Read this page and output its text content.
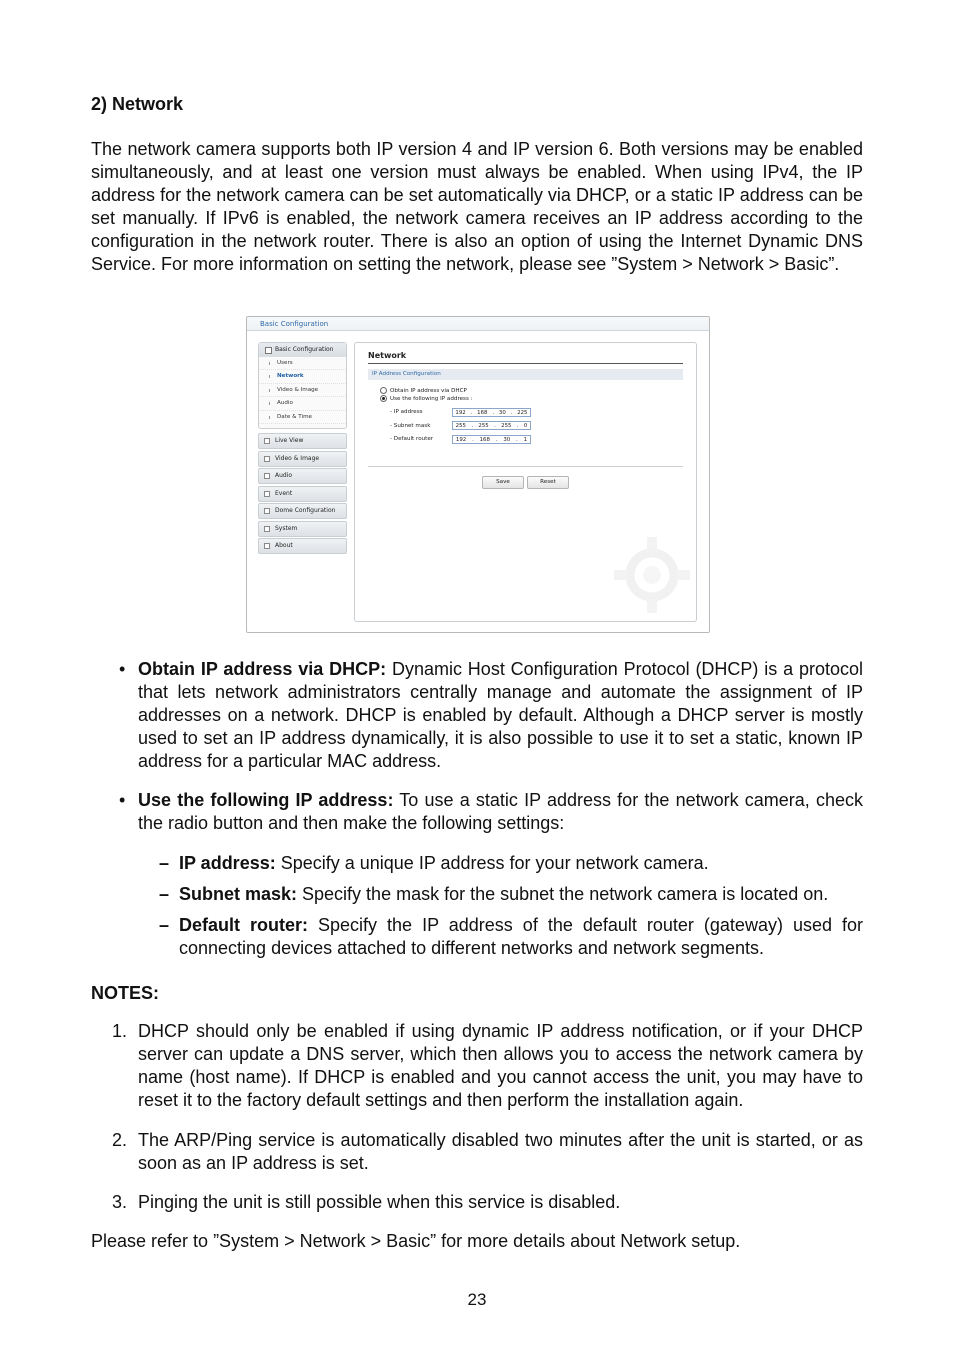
2) Network
The network camera supports both IP version 4 and IP version 6. Both versions may be enabled simultaneously, and at least one version must always be enabled. When using IPv4, the IP address for the network camera can be set automatically via DHCP, or a static IP address can be set manually. If IPv6 is enabled, the network camera receives an IP address according to the configuration in the network router. There is also an option of using the Internet Dynamic DNS Service. For more information on setting the network, please see ”System > Network > Basic”.
Basic Configuration
Basic Configuration
Users
Network
Video & Image
Audio
Date & Time
Live View
Video & Image
Audio
Event
Dome Configuration
System
About
Network
IP Address Configuration
Obtain IP address via DHCP
Use the following IP address :
- IP address	192 . 168 . 30 . 225
- Subnet mask	255 . 255 . 255 . 0
- Default router	192 . 168 . 30 . 1
Save	Reset
• Obtain IP address via DHCP: Dynamic Host Configuration Protocol (DHCP) is a protocol that lets network administrators centrally manage and automate the assignment of IP addresses on a network. DHCP is enabled by default. Although a DHCP server is mostly used to set an IP address dynamically, it is also possible to use it to set a static, known IP address for a particular MAC address.
• Use the following IP address: To use a static IP address for the network camera, check the radio button and then make the following settings:
– IP address: Specify a unique IP address for your network camera.
– Subnet mask: Specify the mask for the subnet the network camera is located on.
– Default router: Specify the IP address of the default router (gateway) used for connecting devices attached to different networks and network segments.
NOTES:
1. DHCP should only be enabled if using dynamic IP address notification, or if your DHCP server can update a DNS server, which then allows you to access the network camera by name (host name). If DHCP is enabled and you cannot access the unit, you may have to reset it to the factory default settings and then perform the installation again.
2. The ARP/Ping service is automatically disabled two minutes after the unit is started, or as soon as an IP address is set.
3. Pinging the unit is still possible when this service is disabled.
Please refer to ”System > Network > Basic” for more details about Network setup.
23
